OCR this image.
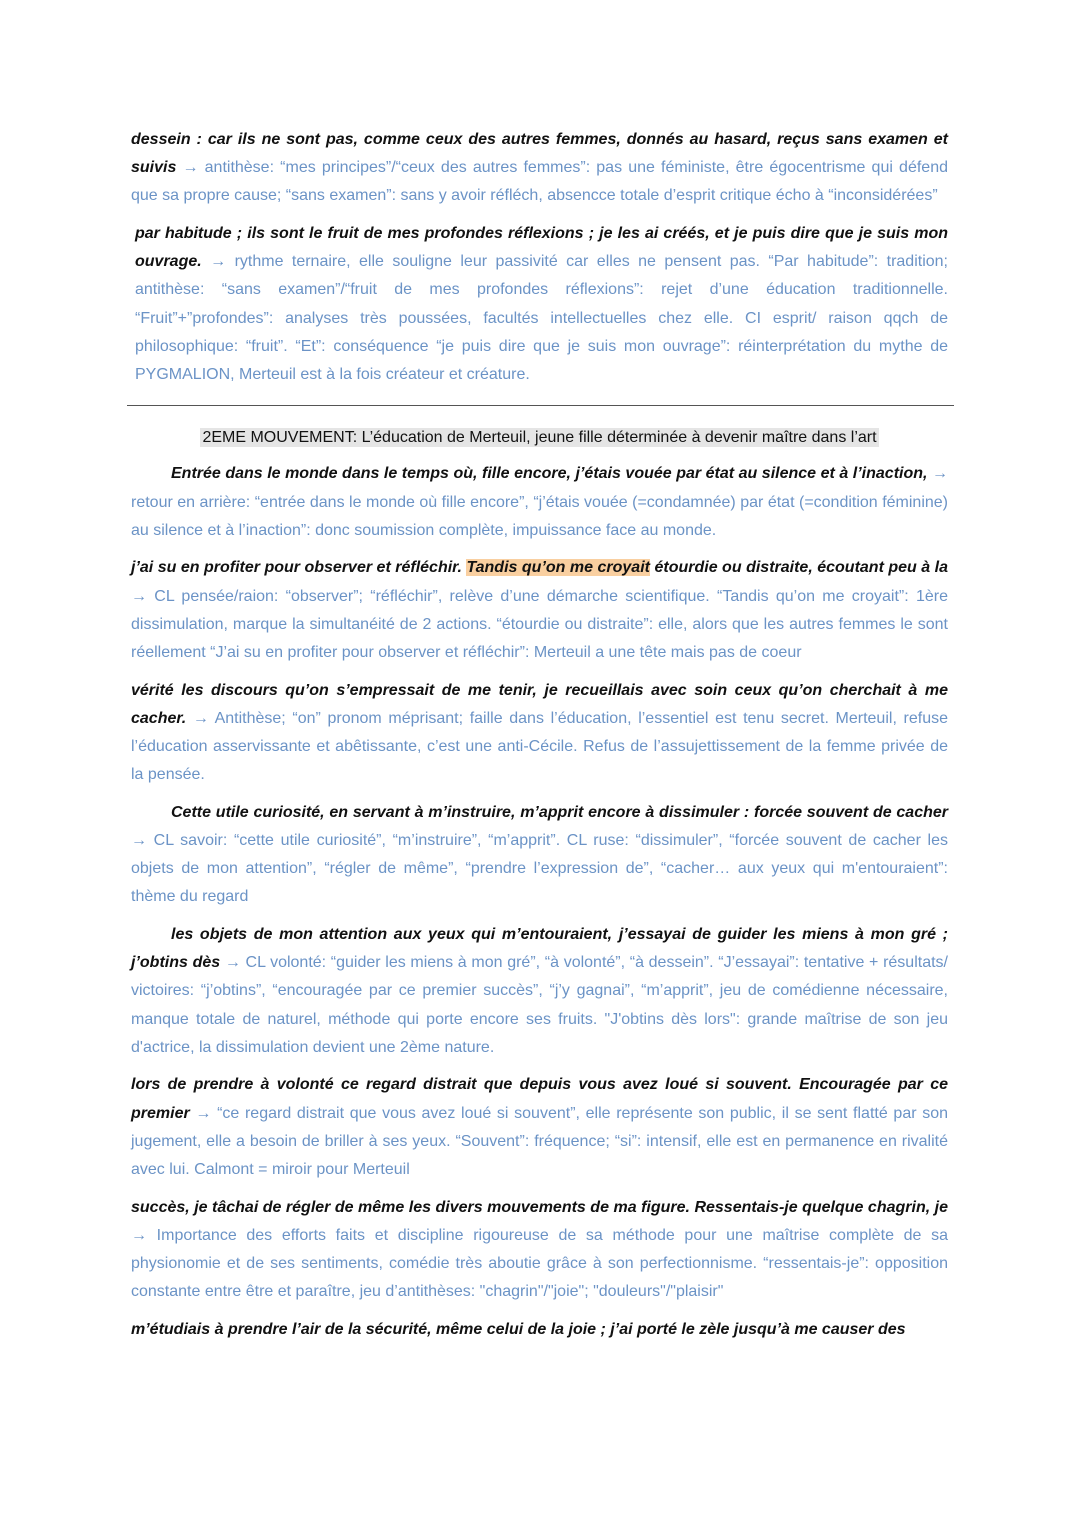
dessein : car ils ne sont pas, comme ceux des autres femmes, donnés au hasard, reçus sans examen et suivis → antithèse: “mes principes”/“ceux des autres femmes”: pas une féministe, être égocentrisme qui défend que sa propre cause; “sans examen”: sans y avoir réfléch, absencce totale d’esprit critique écho à “inconsidérées”

par habitude ; ils sont le fruit de mes profondes réflexions ; je les ai créés, et je puis dire que je suis mon ouvrage. → rythme ternaire, elle souligne leur passivité car elles ne pensent pas. “Par habitude”: tradition; antithèse: “sans examen”/“fruit de mes profondes réflexions”: rejet d’une éducation traditionnelle. “Fruit”+”profondes”: analyses très poussées, facultés intellectuelles chez elle. CI esprit/ raison qqch de philosophique: “fruit”. “Et”: conséquence “je puis dire que je suis mon ouvrage”: réinterprétation du mythe de PYGMALION, Merteuil est à la fois créateur et créature.

2EME MOUVEMENT: L’éducation de Merteuil, jeune fille déterminée à devenir maître dans l’art

Entrée dans le monde dans le temps où, fille encore, j’étais vouée par état au silence et à l’inaction, → retour en arrière: “entrée dans le monde où fille encore”, “j’étais vouée (=condamnée) par état (=condition féminine) au silence et à l’inaction”: donc soumission complète, impuissance face au monde.

j’ai su en profiter pour observer et réfléchir. Tandis qu’on me croyait étourdie ou distraite, écoutant peu à la → CL pensée/raion: “observer”; “réfléchir”, relève d’une démarche scientifique. “Tandis qu’on me croyait”: 1ère dissimulation, marque la simultanéité de 2 actions. “étourdie ou distraite”: elle, alors que les autres femmes le sont réellement “J’ai su en profiter pour observer et réfléchir”: Merteuil a une tête mais pas de coeur

vérité les discours qu’on s’empressait de me tenir, je recueillais avec soin ceux qu’on cherchait à me cacher. → Antithèse; “on” pronom méprisant; faille dans l’éducation, l’essentiel est tenu secret. Merteuil, refuse l’éducation asservissante et abêtissante, c’est une anti-Cécile. Refus de l’assujettissement de la femme privée de la pensée.

Cette utile curiosité, en servant à m’instruire, m’apprit encore à dissimuler : forcée souvent de cacher → CL savoir: “cette utile curiosité”, “m’instruire”, “m’apprit”. CL ruse: “dissimuler”, “forcée souvent de cacher les objets de mon attention”, “régler de même”, “prendre l’expression de”, “cacher… aux yeux qui m'entouraient”: thème du regard

les objets de mon attention aux yeux qui m’entouraient, j’essayai de guider les miens à mon gré ; j’obtins dès → CL volonté: “guider les miens à mon gré”, “à volonté”, “à dessein”. “J’essayai”: tentative + résultats/ victoires: “j’obtins”, “encouragée par ce premier succès”, “j’y gagnai”, “m’apprit”, jeu de comédienne nécessaire, manque totale de naturel, méthode qui porte encore ses fruits. "J'obtins dès lors": grande maîtrise de son jeu d'actrice, la dissimulation devient une 2ème nature.

lors de prendre à volonté ce regard distrait que depuis vous avez loué si souvent. Encouragée par ce premier → “ce regard distrait que vous avez loué si souvent”, elle représente son public, il se sent flatté par son jugement, elle a besoin de briller à ses yeux. “Souvent”: fréquence; “si”: intensif, elle est en permanence en rivalité avec lui. Calmont = miroir pour Merteuil

succès, je tâchai de régler de même les divers mouvements de ma figure. Ressentais-je quelque chagrin, je → Importance des efforts faits et discipline rigoureuse de sa méthode pour une maîtrise complète de sa physionomie et de ses sentiments, comédie très aboutie grâce à son perfectionnisme. “ressentais-je”: opposition constante entre être et paraître, jeu d’antithèses: "chagrin"/"joie"; "douleurs"/"plaisir"

m’étudiais à prendre l’air de la sécurité, même celui de la joie ; j’ai porté le zèle jusqu’à me causer des
